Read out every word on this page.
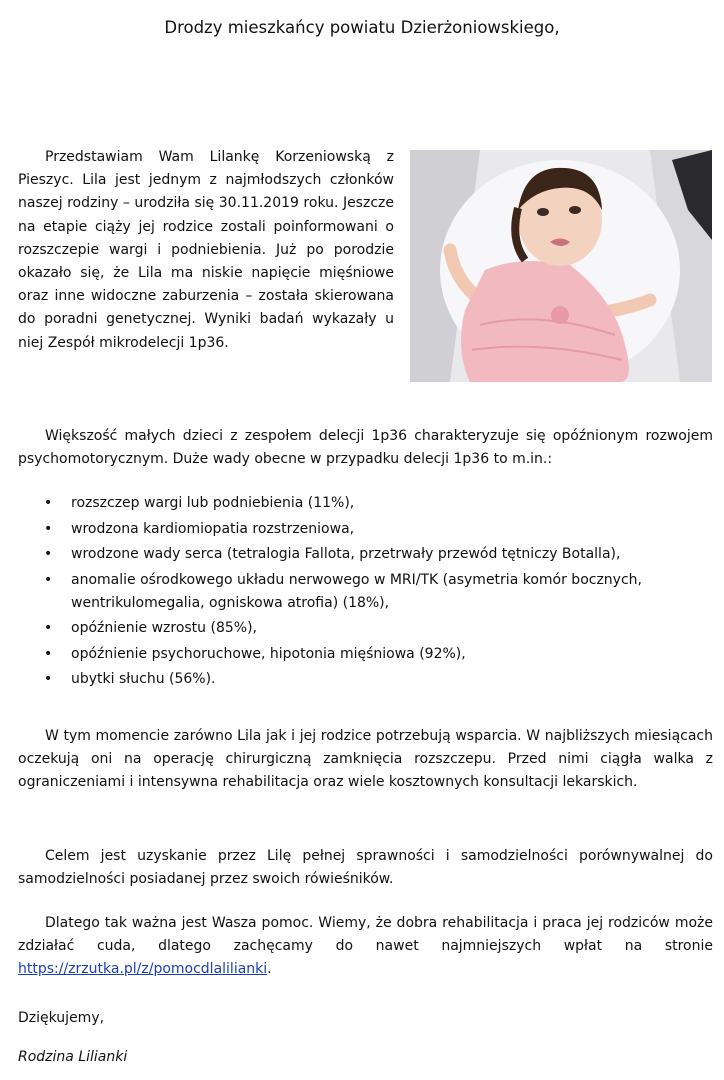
Drodzy mieszkańcy powiatu Dzierżoniowskiego,

Przedstawiam Wam Lilankę Korzeniowską z Pieszyc. Lila jest jednym z najmłodszych członków naszej rodziny – urodziła się 30.11.2019 roku. Jeszcze na etapie ciąży jej rodzice zostali poinformowani o rozszczepie wargi i podniebienia. Już po porodzie okazało się, że Lila ma niskie napięcie mięśniowe oraz inne widoczne zaburzenia – została skierowana do poradni genetycznej. Wyniki badań wykazały u niej Zespół mikrodelecji 1p36.

Większość małych dzieci z zespołem delecji 1p36 charakteryzuje się opóźnionym rozwojem psychomotorycznym. Duże wady obecne w przypadku delecji 1p36 to m.in.:

• rozszczep wargi lub podniebienia (11%),
• wrodzona kardiomiopatia rozstrzeniowa,
• wrodzone wady serca (tetralogia Fallota, przetrwały przewód tętniczy Botalla),
• anomalie ośrodkowego układu nerwowego w MRI/TK (asymetria komór bocznych, wentrikulomegalia, ogniskowa atrofia) (18%),
• opóźnienie wzrostu (85%),
• opóźnienie psychoruchowe, hipotonia mięśniowa (92%),
• ubytki słuchu (56%).

W tym momencie zarówno Lila jak i jej rodzice potrzebują wsparcia. W najbliższych miesiącach oczekują oni na operację chirurgiczną zamknięcia rozszczepu. Przed nimi ciągła walka z ograniczeniami i intensywna rehabilitacja oraz wiele kosztownych konsultacji lekarskich.

Celem jest uzyskanie przez Lilę pełnej sprawności i samodzielności porównywalnej do samodzielności posiadanej przez swoich rówieśników.

Dlatego tak ważna jest Wasza pomoc. Wiemy, że dobra rehabilitacja i praca jej rodziców może zdziałać cuda, dlatego zachęcamy do nawet najmniejszych wpłat na stronie https://zrzutka.pl/z/pomocdlalilianki.

Dziękujemy,

Rodzina Lilianki
